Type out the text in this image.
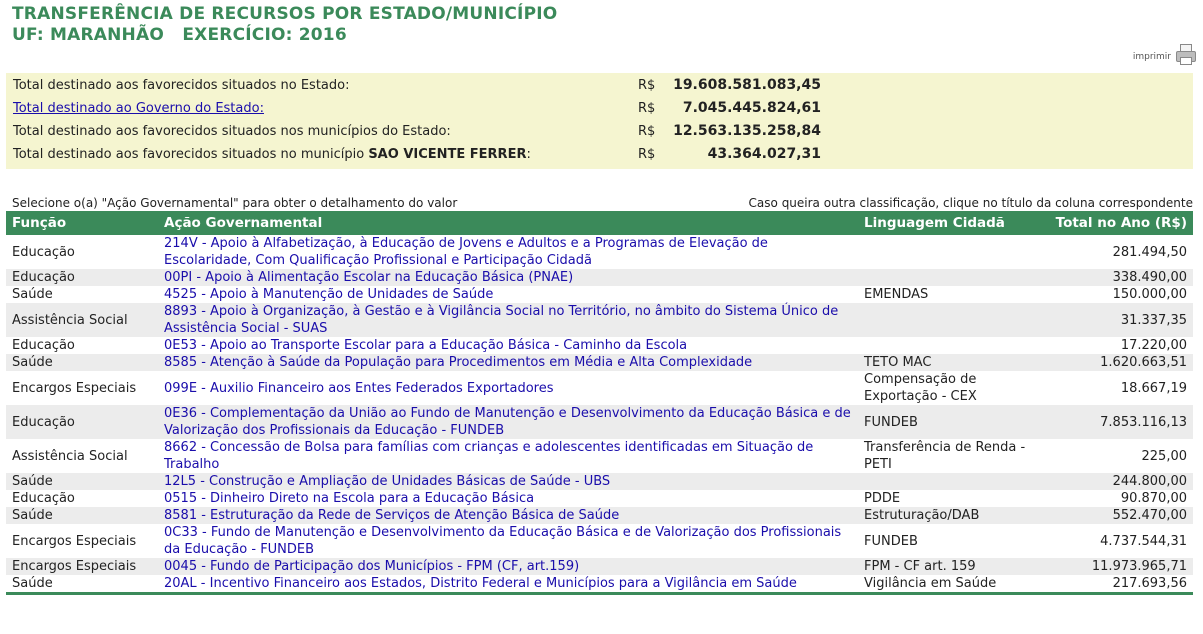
TRANSFERÊNCIA DE RECURSOS POR ESTADO/MUNICÍPIO
UF: MARANHÃO   EXERCÍCIO: 2016
imprimir
Total destinado aos favorecidos situados no Estado:	R$	19.608.581.083,45
Total destinado ao Governo do Estado:	R$	7.045.445.824,61
Total destinado aos favorecidos situados nos municípios do Estado:	R$	12.563.135.258,84
Total destinado aos favorecidos situados no município SAO VICENTE FERRER:	R$	43.364.027,31
Selecione o(a) "Ação Governamental" para obter o detalhamento do valor	Caso queira outra classificação, clique no título da coluna correspondente
Função	Ação Governamental	Linguagem Cidadã	Total no Ano (R$)
Educação	214V - Apoio à Alfabetização, à Educação de Jovens e Adultos e a Programas de Elevação de Escolaridade, Com Qualificação Profissional e Participação Cidadã		281.494,50
Educação	00PI - Apoio à Alimentação Escolar na Educação Básica (PNAE)		338.490,00
Saúde	4525 - Apoio à Manutenção de Unidades de Saúde	EMENDAS	150.000,00
Assistência Social	8893 - Apoio à Organização, à Gestão e à Vigilância Social no Território, no âmbito do Sistema Único de Assistência Social - SUAS		31.337,35
Educação	0E53 - Apoio ao Transporte Escolar para a Educação Básica - Caminho da Escola		17.220,00
Saúde	8585 - Atenção à Saúde da População para Procedimentos em Média e Alta Complexidade	TETO MAC	1.620.663,51
Encargos Especiais	099E - Auxilio Financeiro aos Entes Federados Exportadores	Compensação de Exportação - CEX	18.667,19
Educação	0E36 - Complementação da União ao Fundo de Manutenção e Desenvolvimento da Educação Básica e de Valorização dos Profissionais da Educação - FUNDEB	FUNDEB	7.853.116,13
Assistência Social	8662 - Concessão de Bolsa para famílias com crianças e adolescentes identificadas em Situação de Trabalho	Transferência de Renda - PETI	225,00
Saúde	12L5 - Construção e Ampliação de Unidades Básicas de Saúde - UBS		244.800,00
Educação	0515 - Dinheiro Direto na Escola para a Educação Básica	PDDE	90.870,00
Saúde	8581 - Estruturação da Rede de Serviços de Atenção Básica de Saúde	Estruturação/DAB	552.470,00
Encargos Especiais	0C33 - Fundo de Manutenção e Desenvolvimento da Educação Básica e de Valorização dos Profissionais da Educação - FUNDEB	FUNDEB	4.737.544,31
Encargos Especiais	0045 - Fundo de Participação dos Municípios - FPM (CF, art.159)	FPM - CF art. 159	11.973.965,71
Saúde	20AL - Incentivo Financeiro aos Estados, Distrito Federal e Municípios para a Vigilância em Saúde	Vigilância em Saúde	217.693,56
